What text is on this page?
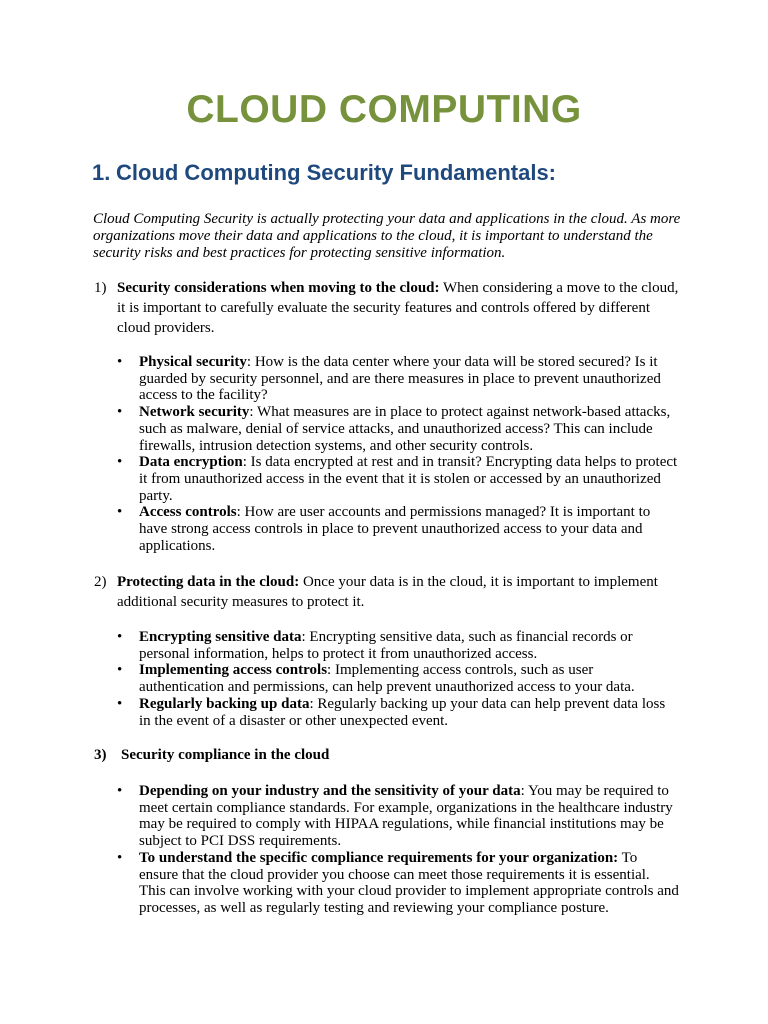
CLOUD COMPUTING
1. Cloud Computing Security Fundamentals:
Cloud Computing Security is actually protecting your data and applications in the cloud. As more organizations move their data and applications to the cloud, it is important to understand the security risks and best practices for protecting sensitive information.
1) Security considerations when moving to the cloud: When considering a move to the cloud, it is important to carefully evaluate the security features and controls offered by different cloud providers.
• Physical security: How is the data center where your data will be stored secured? Is it guarded by security personnel, and are there measures in place to prevent unauthorized access to the facility?
• Network security: What measures are in place to protect against network-based attacks, such as malware, denial of service attacks, and unauthorized access? This can include firewalls, intrusion detection systems, and other security controls.
• Data encryption: Is data encrypted at rest and in transit? Encrypting data helps to protect it from unauthorized access in the event that it is stolen or accessed by an unauthorized party.
• Access controls: How are user accounts and permissions managed? It is important to have strong access controls in place to prevent unauthorized access to your data and applications.
2) Protecting data in the cloud: Once your data is in the cloud, it is important to implement additional security measures to protect it.
• Encrypting sensitive data: Encrypting sensitive data, such as financial records or personal information, helps to protect it from unauthorized access.
• Implementing access controls: Implementing access controls, such as user authentication and permissions, can help prevent unauthorized access to your data.
• Regularly backing up data: Regularly backing up your data can help prevent data loss in the event of a disaster or other unexpected event.
3) Security compliance in the cloud
• Depending on your industry and the sensitivity of your data: You may be required to meet certain compliance standards. For example, organizations in the healthcare industry may be required to comply with HIPAA regulations, while financial institutions may be subject to PCI DSS requirements.
• To understand the specific compliance requirements for your organization: To ensure that the cloud provider you choose can meet those requirements it is essential. This can involve working with your cloud provider to implement appropriate controls and processes, as well as regularly testing and reviewing your compliance posture.
